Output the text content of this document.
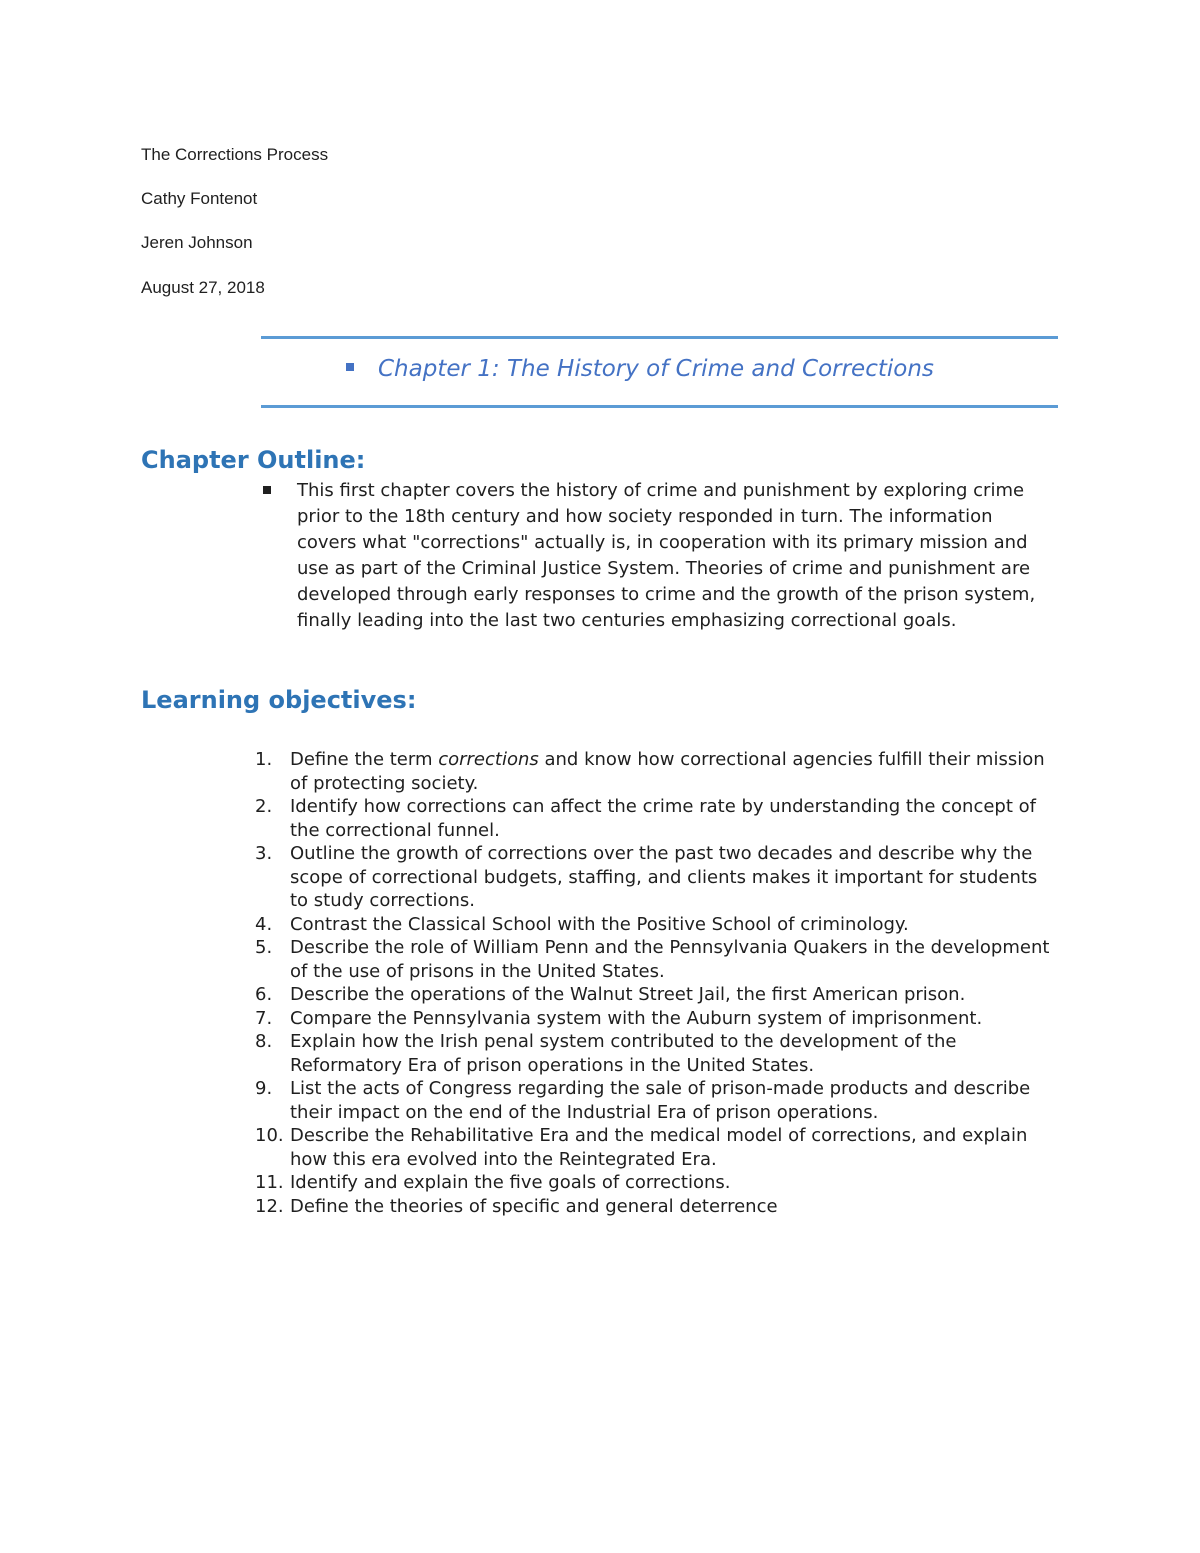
The Corrections Process

Cathy Fontenot

Jeren Johnson

August 27, 2018

Chapter 1: The History of Crime and Corrections

Chapter Outline:

This first chapter covers the history of crime and punishment by exploring crime prior to the 18th century and how society responded in turn. The information covers what "corrections" actually is, in cooperation with its primary mission and use as part of the Criminal Justice System. Theories of crime and punishment are developed through early responses to crime and the growth of the prison system, finally leading into the last two centuries emphasizing correctional goals.

Learning objectives:
1. Define the term corrections and know how correctional agencies fulfill their mission of protecting society.
2. Identify how corrections can affect the crime rate by understanding the concept of the correctional funnel.
3. Outline the growth of corrections over the past two decades and describe why the scope of correctional budgets, staffing, and clients makes it important for students to study corrections.
4. Contrast the Classical School with the Positive School of criminology.
5. Describe the role of William Penn and the Pennsylvania Quakers in the development of the use of prisons in the United States.
6. Describe the operations of the Walnut Street Jail, the first American prison.
7. Compare the Pennsylvania system with the Auburn system of imprisonment.
8. Explain how the Irish penal system contributed to the development of the Reformatory Era of prison operations in the United States.
9. List the acts of Congress regarding the sale of prison-made products and describe their impact on the end of the Industrial Era of prison operations.
10. Describe the Rehabilitative Era and the medical model of corrections, and explain how this era evolved into the Reintegrated Era.
11. Identify and explain the five goals of corrections.
12. Define the theories of specific and general deterrence
